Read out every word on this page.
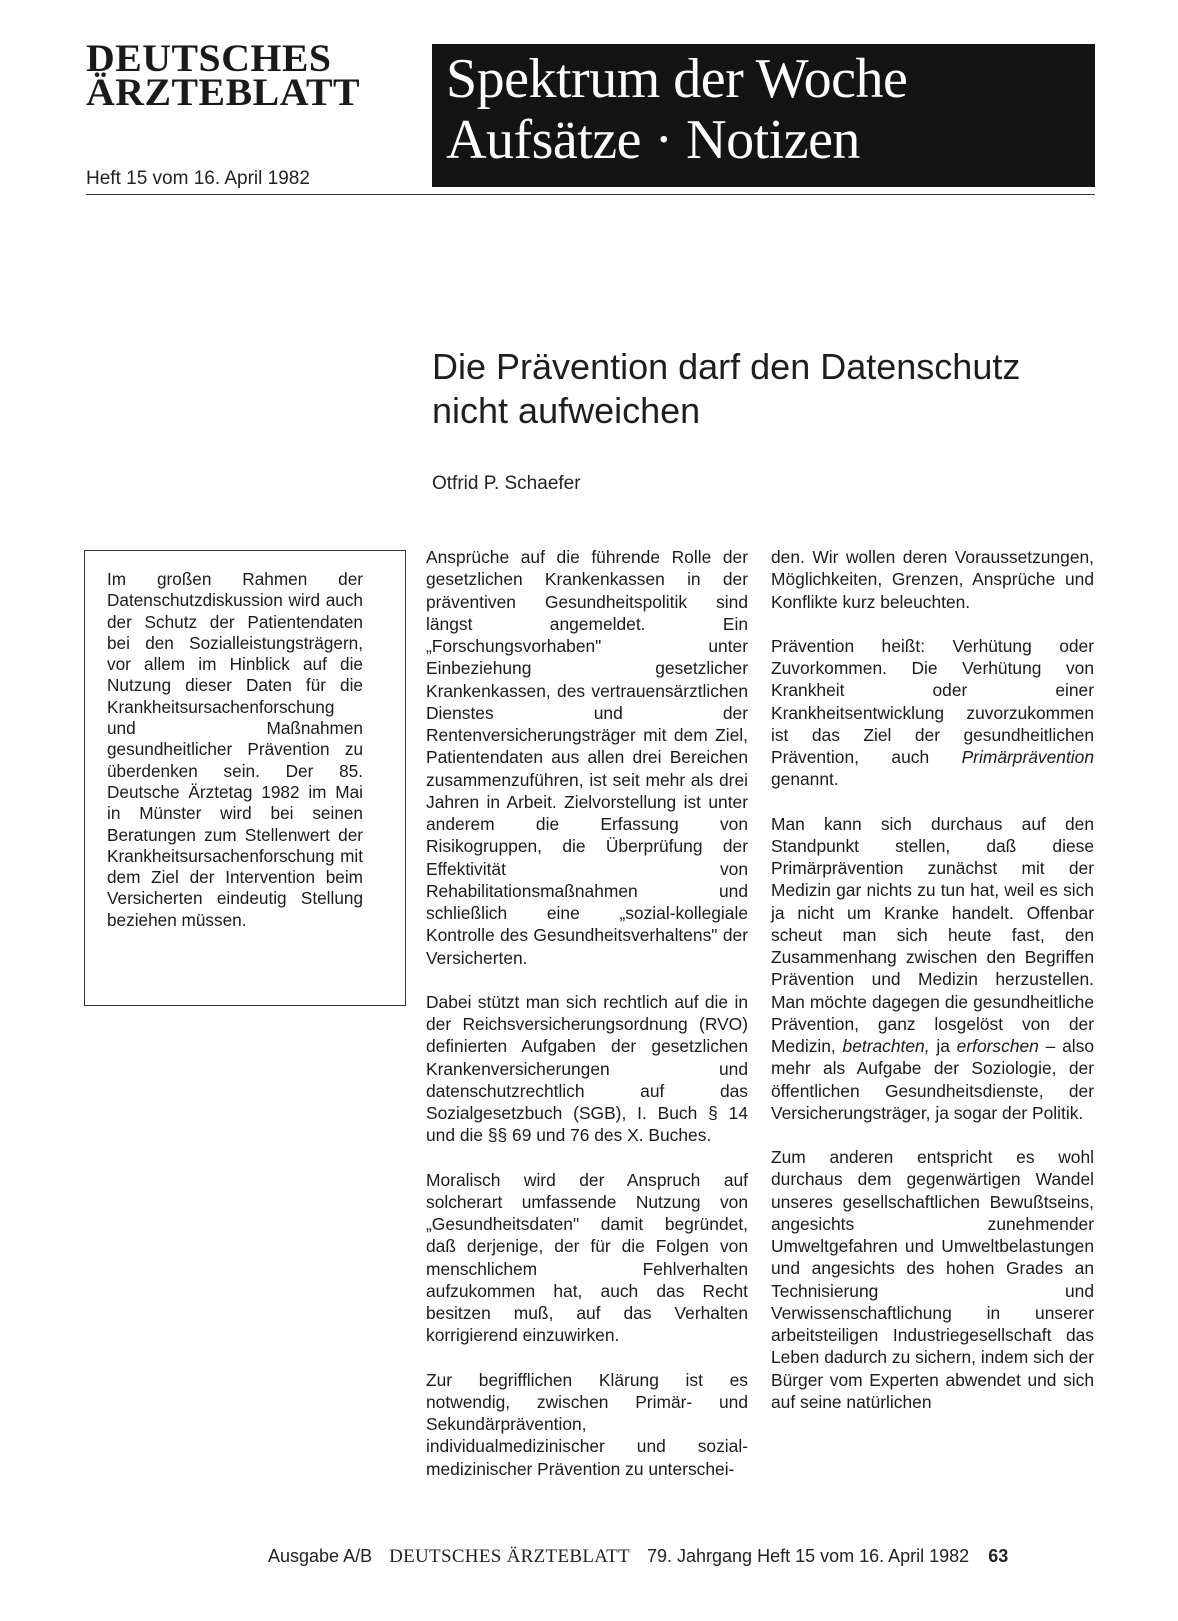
DEUTSCHES
ÄRZTEBLATT
Heft 15 vom 16. April 1982
Spektrum der Woche
Aufsätze · Notizen
Die Prävention darf den Datenschutz nicht aufweichen
Otfrid P. Schaefer
Im großen Rahmen der Datenschutzdiskussion wird auch der Schutz der Patientendaten bei den Sozialleistungsträgern, vor allem im Hinblick auf die Nutzung dieser Daten für die Krankheitsursachenforschung und Maßnahmen gesundheitlicher Prävention zu überdenken sein. Der 85. Deutsche Ärztetag 1982 im Mai in Münster wird bei seinen Beratungen zum Stellenwert der Krankheitsursachenforschung mit dem Ziel der Intervention beim Versicherten eindeutig Stellung beziehen müssen.

Ansprüche auf die führende Rolle der gesetzlichen Krankenkassen in der präventiven Gesundheitspolitik sind längst angemeldet. Ein „Forschungsvorhaben" unter Einbeziehung gesetzlicher Krankenkassen, des vertrauensärztlichen Dienstes und der Rentenversicherungsträger mit dem Ziel, Patientendaten aus allen drei Bereichen zusammenzuführen, ist seit mehr als drei Jahren in Arbeit. Zielvorstellung ist unter anderem die Erfassung von Risikogruppen, die Überprüfung der Effektivität von Rehabilitationsmaßnahmen und schließlich eine „sozial-kollegiale Kontrolle des Gesundheitsverhaltens" der Versicherten.

Dabei stützt man sich rechtlich auf die in der Reichsversicherungsordnung (RVO) definierten Aufgaben der gesetzlichen Krankenversicherungen und datenschutzrechtlich auf das Sozialgesetzbuch (SGB), I. Buch § 14 und die §§ 69 und 76 des X. Buches.

Moralisch wird der Anspruch auf solcherart umfassende Nutzung von „Gesundheitsdaten" damit begründet, daß derjenige, der für die Folgen von menschlichem Fehlverhalten aufzukommen hat, auch das Recht besitzen muß, auf das Verhalten korrigierend einzuwirken.

Zur begrifflichen Klärung ist es notwendig, zwischen Primär- und Sekundärprävention, individualmedizinischer und sozial-medizinischer Prävention zu unterschei-

den. Wir wollen deren Voraussetzungen, Möglichkeiten, Grenzen, Ansprüche und Konflikte kurz beleuchten.

Prävention heißt: Verhütung oder Zuvorkommen. Die Verhütung von Krankheit oder einer Krankheitsentwicklung zuvorzukommen ist das Ziel der gesundheitlichen Prävention, auch Primärprävention genannt.

Man kann sich durchaus auf den Standpunkt stellen, daß diese Primärprävention zunächst mit der Medizin gar nichts zu tun hat, weil es sich ja nicht um Kranke handelt. Offenbar scheut man sich heute fast, den Zusammenhang zwischen den Begriffen Prävention und Medizin herzustellen. Man möchte dagegen die gesundheitliche Prävention, ganz losgelöst von der Medizin, betrachten, ja erforschen – also mehr als Aufgabe der Soziologie, der öffentlichen Gesundheitsdienste, der Versicherungsträger, ja sogar der Politik.

Zum anderen entspricht es wohl durchaus dem gegenwärtigen Wandel unseres gesellschaftlichen Bewußtseins, angesichts zunehmender Umweltgefahren und Umweltbelastungen und angesichts des hohen Grades an Technisierung und Verwissenschaftlichung in unserer arbeitsteiligen Industriegesellschaft das Leben dadurch zu sichern, indem sich der Bürger vom Experten abwendet und sich auf seine natürlichen

Ausgabe A/B DEUTSCHES ÄRZTEBLATT 79. Jahrgang Heft 15 vom 16. April 1982 63
